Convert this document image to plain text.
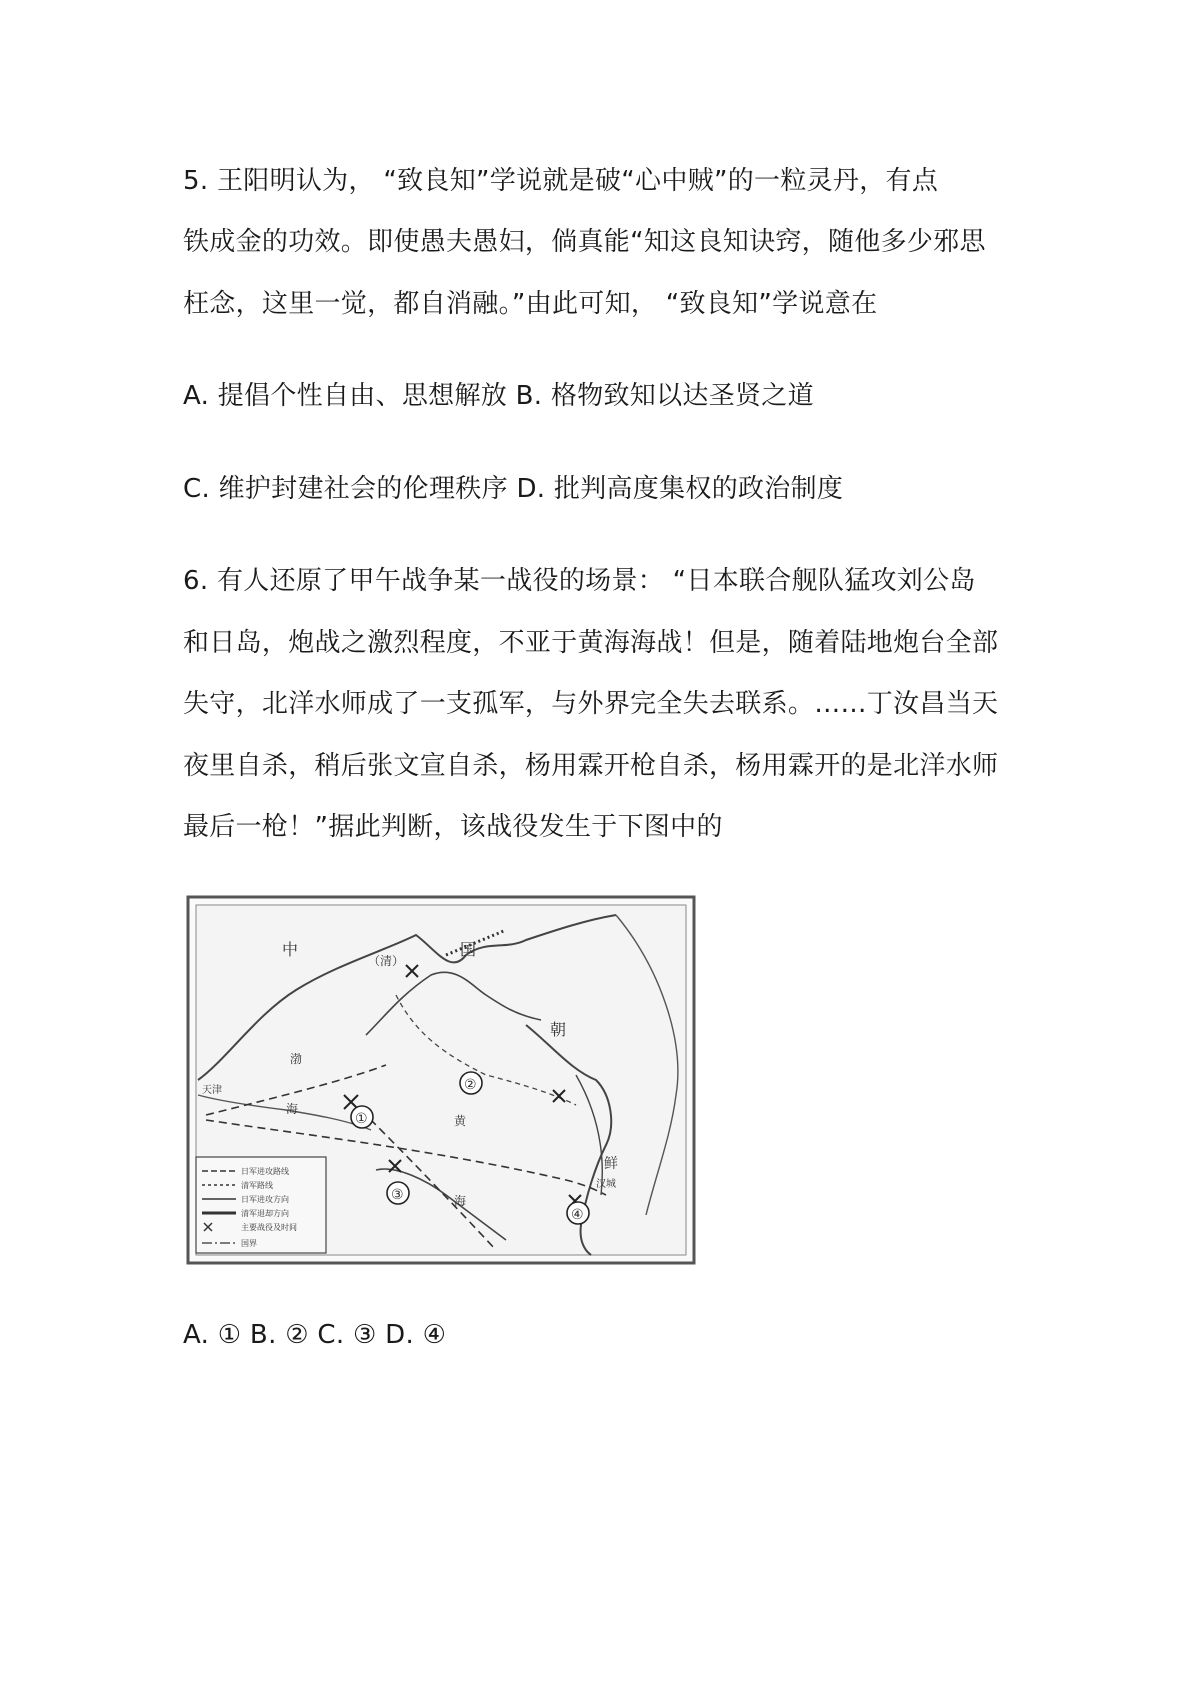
5. 王阳明认为， “致良知”学说就是破“心中贼”的一粒灵丹，有点
铁成金的功效。即使愚夫愚妇，倘真能“知这良知诀窍，随他多少邪思
枉念，这里一觉，都自消融。”由此可知， “致良知”学说意在
A. 提倡个性自由、思想解放 B. 格物致知以达圣贤之道
C. 维护封建社会的伦理秩序 D. 批判高度集权的政治制度
6. 有人还原了甲午战争某一战役的场景： “日本联合舰队猛攻刘公岛
和日岛，炮战之激烈程度，不亚于黄海海战！但是，随着陆地炮台全部
失守，北洋水师成了一支孤军，与外界完全失去联系。……丁汝昌当天
夜里自杀，稍后张文宣自杀，杨用霖开枪自杀，杨用霖开的是北洋水师
最后一枪！”据此判断，该战役发生于下图中的
①
②
③
④
中
（清）
国
朝
鲜
天津
汉城
渤
海
黄
海
日军进攻路线
清军路线
日军进攻方向
清军退却方向
主要战役及时间
国界
A. ① B. ② C. ③ D. ④
